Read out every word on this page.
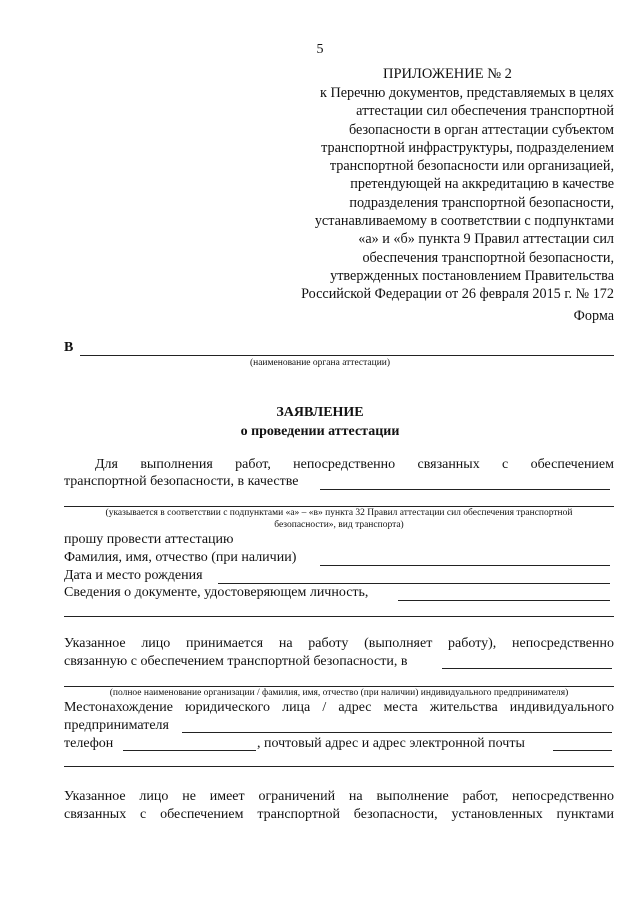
5
ПРИЛОЖЕНИЕ № 2
к Перечню документов, представляемых в целях
аттестации сил обеспечения транспортной
безопасности в орган аттестации субъектом
транспортной инфраструктуры, подразделением
транспортной безопасности или организацией,
претендующей на аккредитацию в качестве
подразделения транспортной безопасности,
устанавливаемому в соответствии с подпунктами
«а» и «б» пункта 9 Правил аттестации сил
обеспечения транспортной безопасности,
утвержденных постановлением Правительства
Российской Федерации от 26 февраля 2015 г. № 172
Форма
В
(наименование органа аттестации)
ЗАЯВЛЕНИЕ
о проведении аттестации
Для выполнения работ, непосредственно связанных с обеспечением
транспортной безопасности, в качестве
(указывается в соответствии с подпунктами «а» – «в» пункта 32 Правил аттестации сил обеспечения транспортной
безопасности», вид транспорта)
прошу провести аттестацию
Фамилия, имя, отчество (при наличии)
Дата и место рождения
Сведения о документе, удостоверяющем личность,
Указанное лицо принимается на работу (выполняет работу), непосредственно
связанную с обеспечением транспортной безопасности, в
(полное наименование организации / фамилия, имя, отчество (при наличии) индивидуального предпринимателя)
Местонахождение юридического лица / адрес места жительства индивидуального
предпринимателя
телефон	, почтовый адрес и адрес электронной почты
Указанное лицо не имеет ограничений на выполнение работ, непосредственно
связанных с обеспечением транспортной безопасности, установленных пунктами
